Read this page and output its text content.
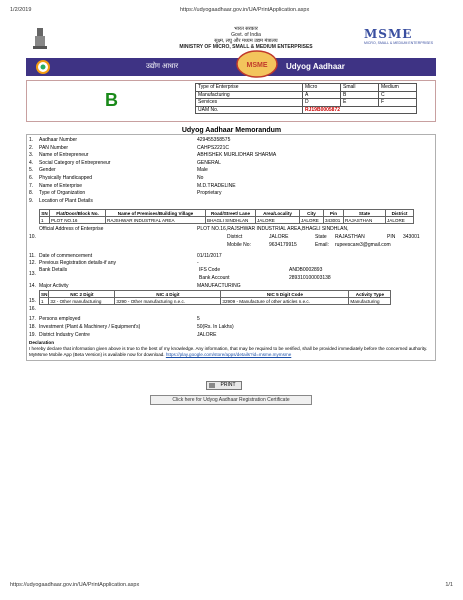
1/2/2019	https://udyogaadhaar.gov.in/UA/PrintApplication.aspx
भारत सरकार
Govt. of India
सूक्ष्म, लघु और मध्यम उद्यम मंत्रालय
MINISTRY OF MICRO, SMALL & MEDIUM ENTERPRISES
MSME
MICRO, SMALL & MEDIUM ENTERPRISES
उद्योग आधार	MSME Udyog Aadhaar
B
Type of Enterprise	Micro	Small	Medium
Manufacturing	A	B	C
Services	D	E	F
UAM No.	RJ19B0005872		
Udyog Aadhaar Memorandum
1. Aadhaar Number	429455358575
2. PAN Number	CAHPS2221C
3. Name of Entrepreneur	ABHISHEK MURLIDHAR SHARMA
4. Social Category of Entrepreneur	GENERAL
5. Gender	Male
6. Physically Handicapped	No
7. Name of Enterprise	M.D.TRADELINE
8. Type of Organization	Proprietary
9. Location of Plant Details
SN	Flat/Door/Block No.	Name of Premises/Building Village	Road/Street/ Lane	Area/Locality	City	Pin	State	District
1	PLOT NO.16	RAJSHWAR INDUSTRIAL AREA	BHAGLI SINDHLAN	JALORE	JALORE	343001	RAJASTHAN	JALORE
10.
Official Address of Enterprise	PLOT NO.16,RAJSHWAR INDUSTRIAL AREA,BHAGLI SINDHLAN,
District	JALORE	State RAJASTHAN	PIN 343001
Mobile No:	9634179915	Email: rupeescare3@gmail.com
11. Date of commencement	01/11/2017
12. Previous Registration details-if any	-
13.
Bank Details	IFS Code	ANDB0002893
Bank Account	289310100003138
14. Major Activity	MANUFACTURING
15.
SN	NIC 2 Digit	NIC 4 Digit	NIC 5 Digit Code	Activity Type
1	32 - Other manufacturing	3290 - Other manufacturing n.e.c.	32909 - Manufacture of other articles n.e.c.	Manufacturing
16.
17. Persons employed	5
18. Investment (Plant & Machinery / Equipment's)	50(Rs. In Lakhs)
19. District Industry Centre	JALORE
Declaration
I hereby declare that information given above is true to the best of my knowledge. Any information, that may be required to be verified, shall be provided immediately before the concerned authority.
MyMsme Mobile App (Beta Version) is available now for download. https://play.google.com/store/apps/details?id=msme.mymsme
PRINT
Click here for Udyog Aadhaar Registration Certificate
https://udyogaadhaar.gov.in/UA/PrintApplication.aspx	1/1
